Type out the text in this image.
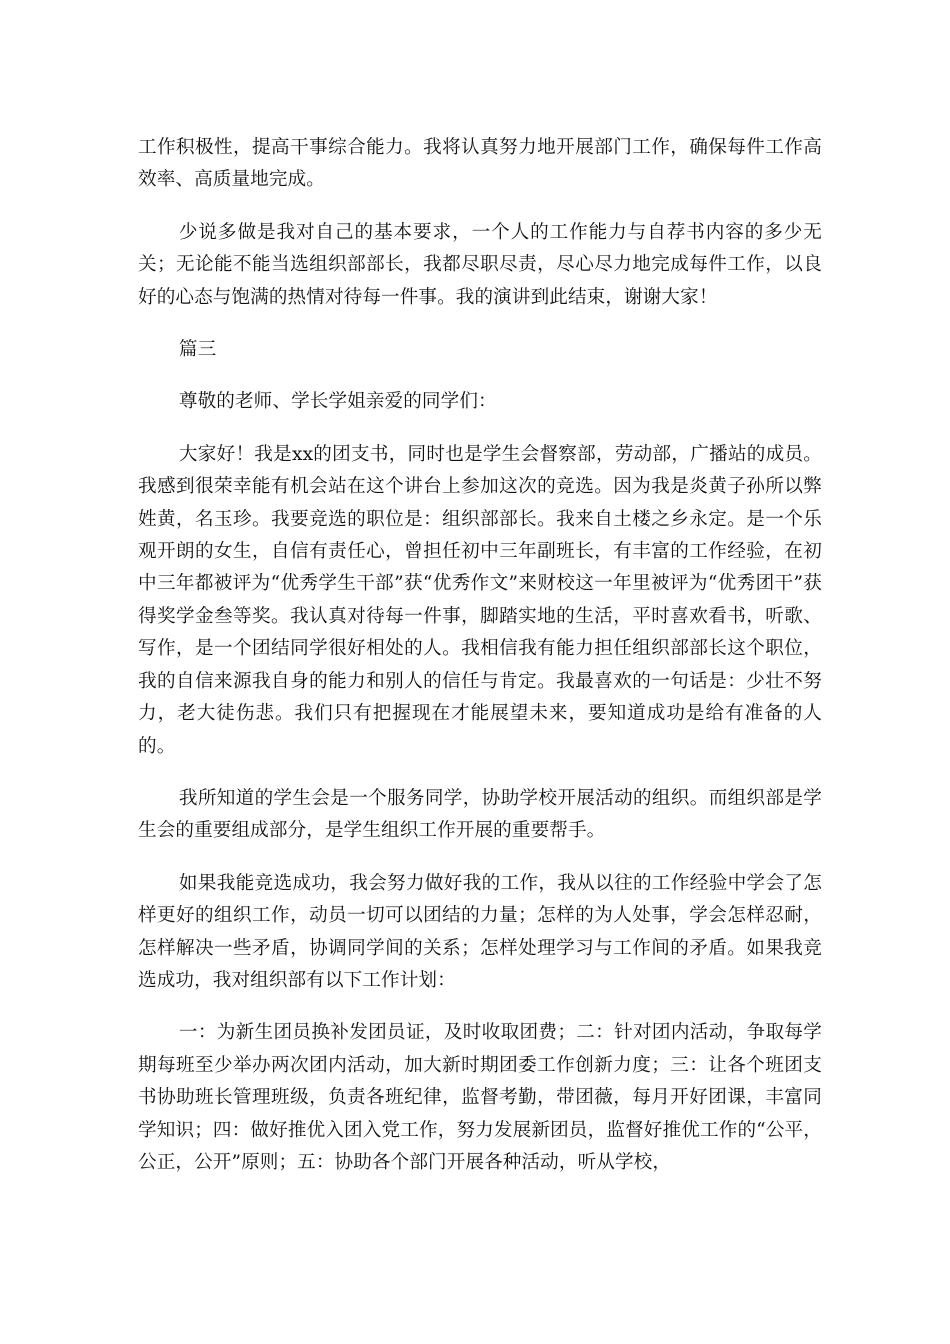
工作积极性，提高干事综合能力。我将认真努力地开展部门工作，确保每件工作高效率、高质量地完成。

少说多做是我对自己的基本要求，一个人的工作能力与自荐书内容的多少无关；无论能不能当选组织部部长，我都尽职尽责，尽心尽力地完成每件工作，以良好的心态与饱满的热情对待每一件事。我的演讲到此结束，谢谢大家！

篇三

尊敬的老师、学长学姐亲爱的同学们：

大家好！我是xx的团支书，同时也是学生会督察部，劳动部，广播站的成员。我感到很荣幸能有机会站在这个讲台上参加这次的竞选。因为我是炎黄子孙所以弊姓黄，名玉珍。我要竞选的职位是：组织部部长。我来自土楼之乡永定。是一个乐观开朗的女生，自信有责任心，曾担任初中三年副班长，有丰富的工作经验，在初中三年都被评为“优秀学生干部”获“优秀作文”来财校这一年里被评为“优秀团干”获得奖学金叁等奖。我认真对待每一件事，脚踏实地的生活，平时喜欢看书，听歌、写作，是一个团结同学很好相处的人。我相信我有能力担任组织部部长这个职位，我的自信来源我自身的能力和别人的信任与肯定。我最喜欢的一句话是：少壮不努力，老大徒伤悲。我们只有把握现在才能展望未来，要知道成功是给有准备的人的。

我所知道的学生会是一个服务同学，协助学校开展活动的组织。而组织部是学生会的重要组成部分，是学生组织工作开展的重要帮手。

如果我能竞选成功，我会努力做好我的工作，我从以往的工作经验中学会了怎样更好的组织工作，动员一切可以团结的力量；怎样的为人处事，学会怎样忍耐，怎样解决一些矛盾，协调同学间的关系；怎样处理学习与工作间的矛盾。如果我竞选成功，我对组织部有以下工作计划：

一：为新生团员换补发团员证，及时收取团费；二：针对团内活动，争取每学期每班至少举办两次团内活动，加大新时期团委工作创新力度；三：让各个班团支书协助班长管理班级，负责各班纪律，监督考勤，带团薇，每月开好团课，丰富同学知识；四：做好推优入团入党工作，努力发展新团员，监督好推优工作的“公平，公正，公开”原则；五：协助各个部门开展各种活动，听从学校，
